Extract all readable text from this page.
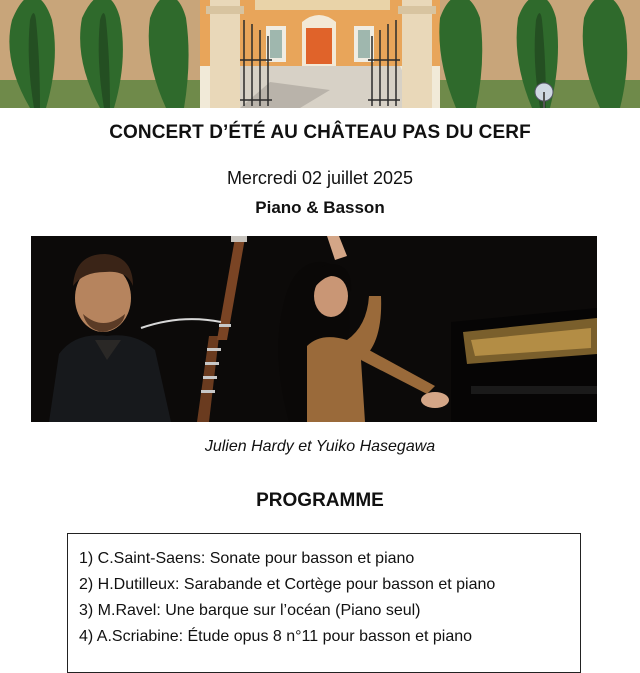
CONCERT D’ÉTÉ AU CHÂTEAU PAS DU CERF
Mercredi 02 juillet 2025
Piano & Basson
Julien Hardy et Yuiko Hasegawa
PROGRAMME
1) C.Saint-Saens: Sonate pour basson et piano
2) H.Dutilleux: Sarabande et Cortège pour basson et piano
3) M.Ravel: Une barque sur l’océan (Piano seul)
4) A.Scriabine: Étude opus 8 n°11 pour basson et piano
